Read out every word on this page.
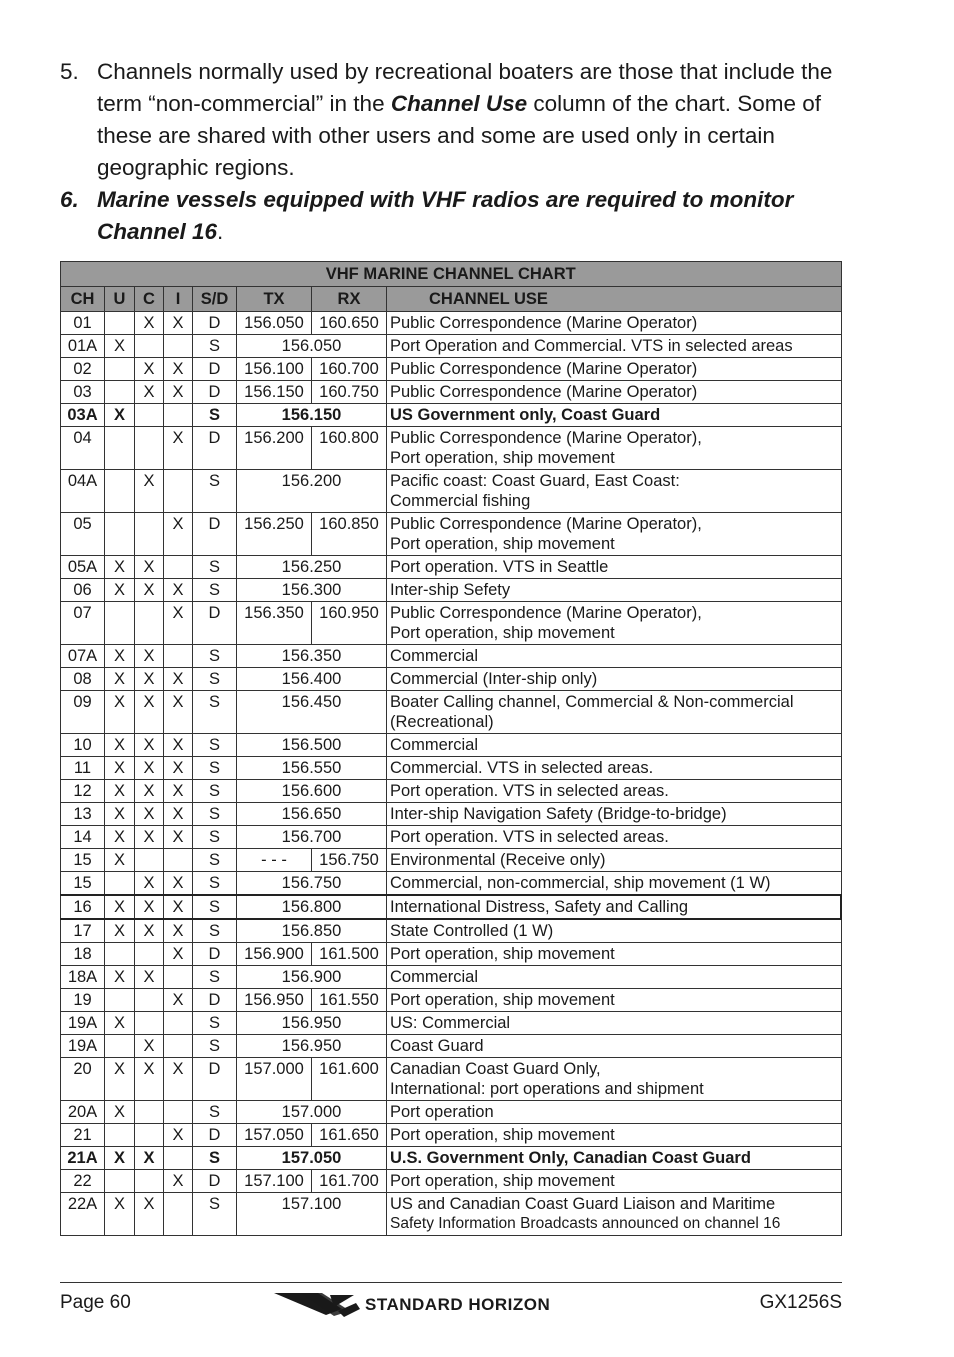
5. Channels normally used by recreational boaters are those that include the term “non-commercial” in the Channel Use column of the chart. Some of these are shared with other users and some are used only in certain geographic regions.
6. Marine vessels equipped with VHF radios are required to monitor Channel 16.
VHF MARINE CHANNEL CHART							
CH	U	C	I	S/D	TX	RX	CHANNEL USE
01		X	X	D	156.050	160.650	Public Correspondence (Marine Operator)

01A	X			S	156.050		Port Operation and Commercial. VTS in selected areas

02		X	X	D	156.100	160.700	Public Correspondence (Marine Operator)

03		X	X	D	156.150	160.750	Public Correspondence (Marine Operator)

03A	X			S	156.150		US Government only, Coast Guard

04			X	D	156.200	160.800	Public Correspondence (Marine Operator),
Port operation, ship movement

04A		X		S	156.200		Pacific coast: Coast Guard, East Coast:
Commercial fishing

05			X	D	156.250	160.850	Public Correspondence (Marine Operator),
Port operation, ship movement

05A	X	X		S	156.250		Port operation. VTS in Seattle

06	X	X	X	S	156.300		Inter-ship Sefety

07			X	D	156.350	160.950	Public Correspondence (Marine Operator),
Port operation, ship movement

07A	X	X		S	156.350		Commercial

08	X	X	X	S	156.400		Commercial (Inter-ship only)

09	X	X	X	S	156.450		Boater Calling channel, Commercial & Non-commercial
(Recreational)

10	X	X	X	S	156.500		Commercial

11	X	X	X	S	156.550		Commercial. VTS in selected areas.

12	X	X	X	S	156.600		Port operation. VTS in selected areas.

13	X	X	X	S	156.650		Inter-ship Navigation Safety (Bridge-to-bridge)

14	X	X	X	S	156.700		Port operation. VTS in selected areas.

15	X			S	- - -	156.750	Environmental (Receive only)

15		X	X	S	156.750		Commercial, non-commercial, ship movement (1 W)

16	X	X	X	S	156.800		International Distress, Safety and Calling

17	X	X	X	S	156.850		State Controlled (1 W)

18			X	D	156.900	161.500	Port operation, ship movement

18A	X	X		S	156.900		Commercial

19			X	D	156.950	161.550	Port operation, ship movement

19A	X			S	156.950		US: Commercial

19A		X		S	156.950		Coast Guard

20	X	X	X	D	157.000	161.600	Canadian Coast Guard Only,
International: port operations and shipment

20A	X			S	157.000		Port operation

21			X	D	157.050	161.650	Port operation, ship movement

21A	X	X		S	157.050		U.S. Government Only, Canadian Coast Guard

22			X	D	157.100	161.700	Port operation, ship movement

22A	X	X		S	157.100		US and Canadian Coast Guard Liaison and Maritime
Safety Information Broadcasts announced on channel 16
Page 60	STANDARD HORIZON	GX1256S
